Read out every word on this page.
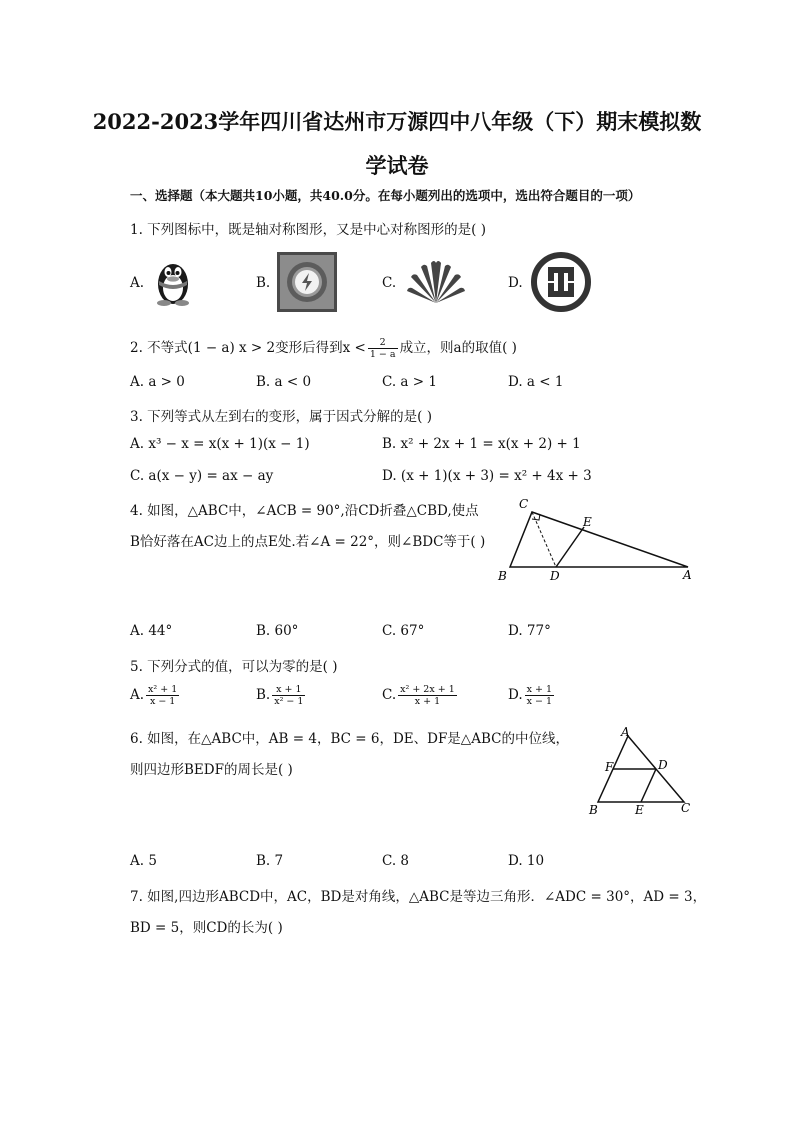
2022-2023学年四川省达州市万源四中八年级（下）期末模拟数
学试卷
一、选择题（本大题共10小题，共40.0分。在每小题列出的选项中，选出符合题目的一项）
1. 下列图标中，既是轴对称图形，又是中心对称图形的是( )
A.	B.	C.	D.
2. 不等式(1 − a) x > 2变形后得到$x < \frac{2}{1 - a}$ 成立，则a的取值( )
A. a > 0	B. a < 0	C. a > 1	D. a < 1
3. 下列等式从左到右的变形，属于因式分解的是( )
A. x³ − x = x(x + 1)(x − 1)	B. x² + 2x + 1 = x(x + 2) + 1
C. a(x − y) = ax − ay	D. (x + 1)(x + 3) = x² + 4x + 3
4. 如图，△ABC中，∠ACB = 90°,沿CD折叠△CBD,使点
B恰好落在AC边上的点E处.若∠A = 22°，则∠BDC等于( )
C
E
B	D	A
A. 44°	B. 60°	C. 67°	D. 77°
5. 下列分式的值，可以为零的是( )
A. $\frac{\text{x² + 1}}{x - 1}$	B. $\frac{x + 1}{\text{x² − 1}}$	C. $\frac{\text{x² + 2x + 1}}{x + 1}$	D. $\frac{x + 1}{x - 1}$
6. 如图，在△ABC中，AB = 4，BC = 6，DE、DF是△ABC的中位线，
则四边形BEDF的周长是( )
A
F	D
B	E	C
A. 5	B. 7	C. 8	D. 10
7. 如图,四边形ABCD中，AC，BD是对角线，△ABC是等边三角形．∠ADC = 30°，AD = 3，
BD = 5，则CD的长为( )
